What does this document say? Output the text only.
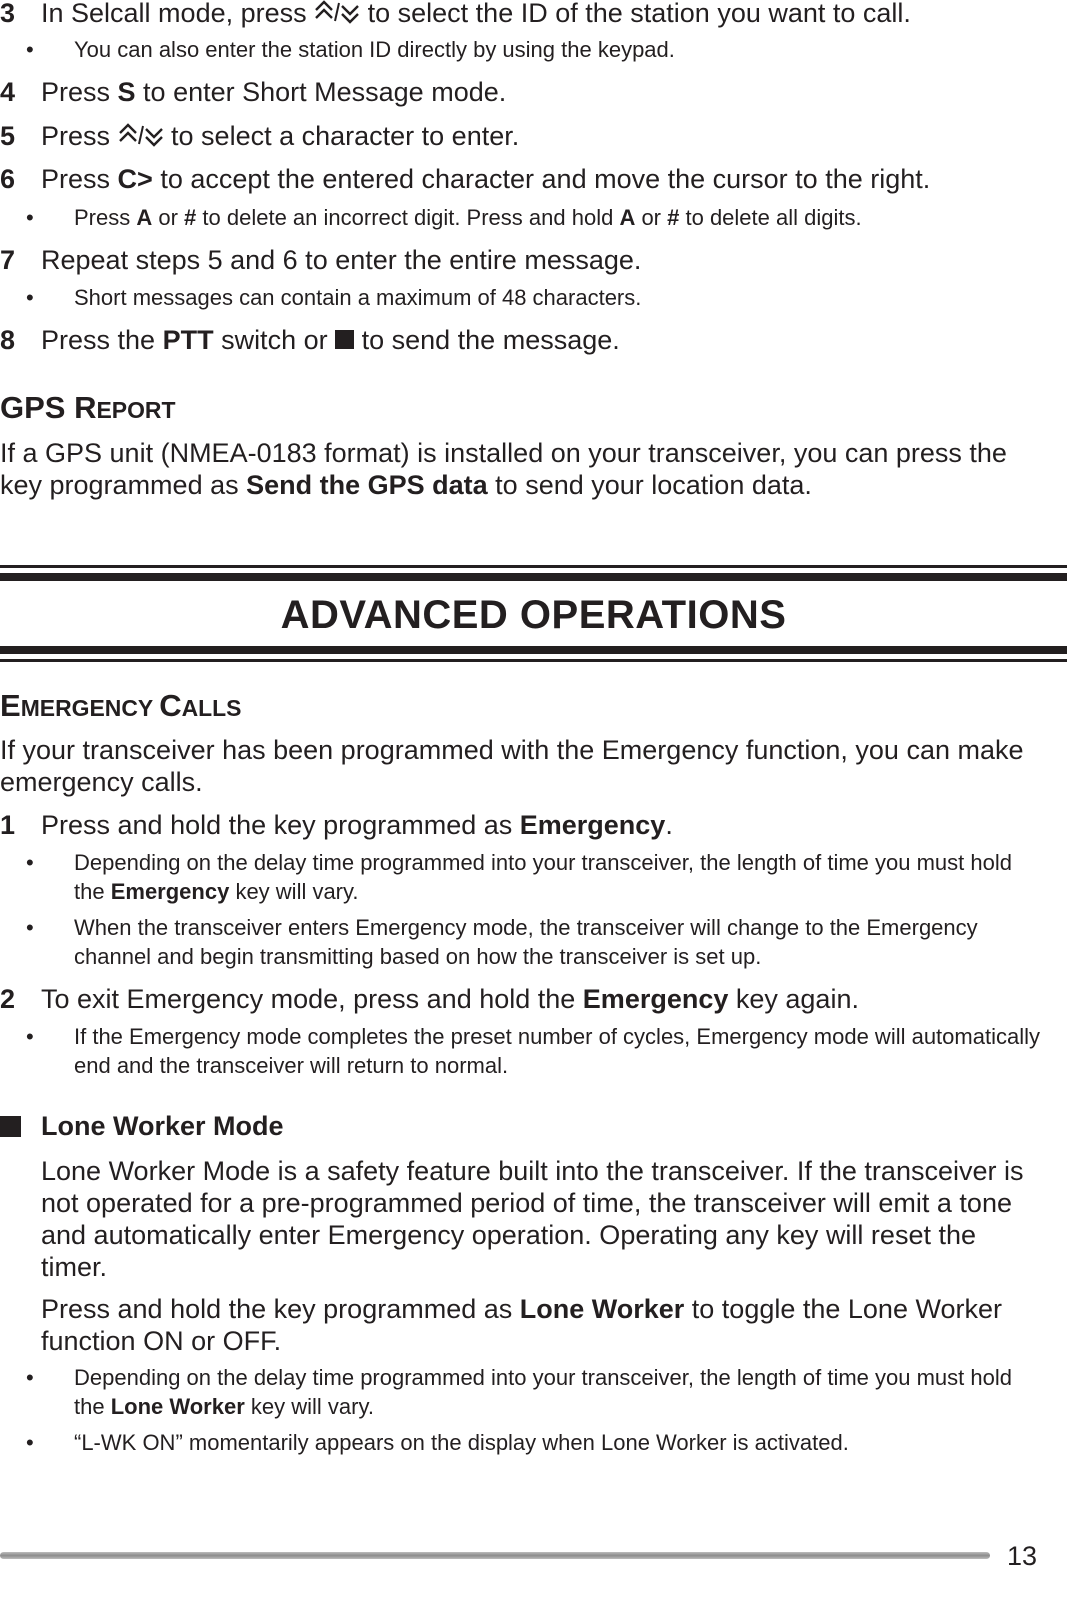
3 In Selcall mode, press  to select the ID of the station you want to call.
• You can also enter the station ID directly by using the keypad.
4 Press S to enter Short Message mode.
5 Press  to select a character to enter.
6 Press C> to accept the entered character and move the cursor to the right.
• Press A or # to delete an incorrect digit. Press and hold A or # to delete all digits.
7 Repeat steps 5 and 6 to enter the entire message.
• Short messages can contain a maximum of 48 characters.
8 Press the PTT switch or  to send the message.
GPS REPORT
If a GPS unit (NMEA-0183 format) is installed on your transceiver, you can press the key programmed as Send the GPS data to send your location data.
ADVANCED OPERATIONS
EMERGENCY CALLS
If your transceiver has been programmed with the Emergency function, you can make emergency calls.
1 Press and hold the key programmed as Emergency.
• Depending on the delay time programmed into your transceiver, the length of time you must hold the Emergency key will vary.
• When the transceiver enters Emergency mode, the transceiver will change to the Emergency channel and begin transmitting based on how the transceiver is set up.
2 To exit Emergency mode, press and hold the Emergency key again.
• If the Emergency mode completes the preset number of cycles, Emergency mode will automatically end and the transceiver will return to normal.
Lone Worker Mode
Lone Worker Mode is a safety feature built into the transceiver. If the transceiver is not operated for a pre-programmed period of time, the transceiver will emit a tone and automatically enter Emergency operation. Operating any key will reset the timer.
Press and hold the key programmed as Lone Worker to toggle the Lone Worker function ON or OFF.
• Depending on the delay time programmed into your transceiver, the length of time you must hold the Lone Worker key will vary.
• “L-WK ON” momentarily appears on the display when Lone Worker is activated.
13
